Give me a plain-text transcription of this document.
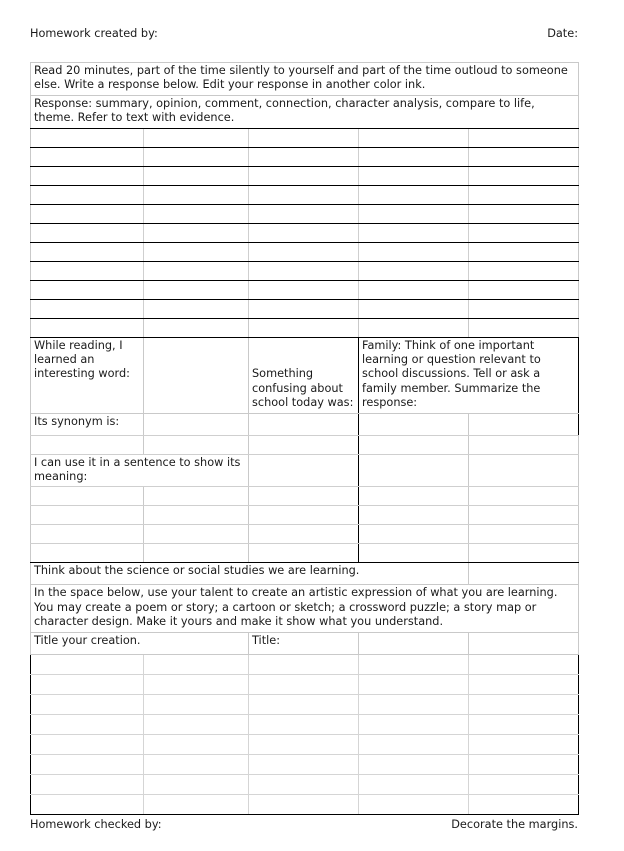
Homework created by:	Date:
Read 20 minutes, part of the time silently to yourself and part of the time outloud to someone else. Write a response below. Edit your response in another color ink.				
Response: summary, opinion, comment, connection, character analysis, compare to life, theme. Refer to text with evidence.				

While reading, I learned an interesting word:		Something confusing about school today was:	Family: Think of one important learning or question relevant to school discussions. Tell or ask a family member. Summarize the response:	
Its synonym is:				

I can use it in a sentence to show its meaning:				

Think about the science or social studies we are learning.				
In the space below, use your talent to create an artistic expression of what you are learning. You may create a poem or story; a cartoon or sketch; a crossword puzzle; a story map or character design. Make it yours and make it show what you understand.				
Title your creation.		Title:		

Homework checked by:	Decorate the margins.
